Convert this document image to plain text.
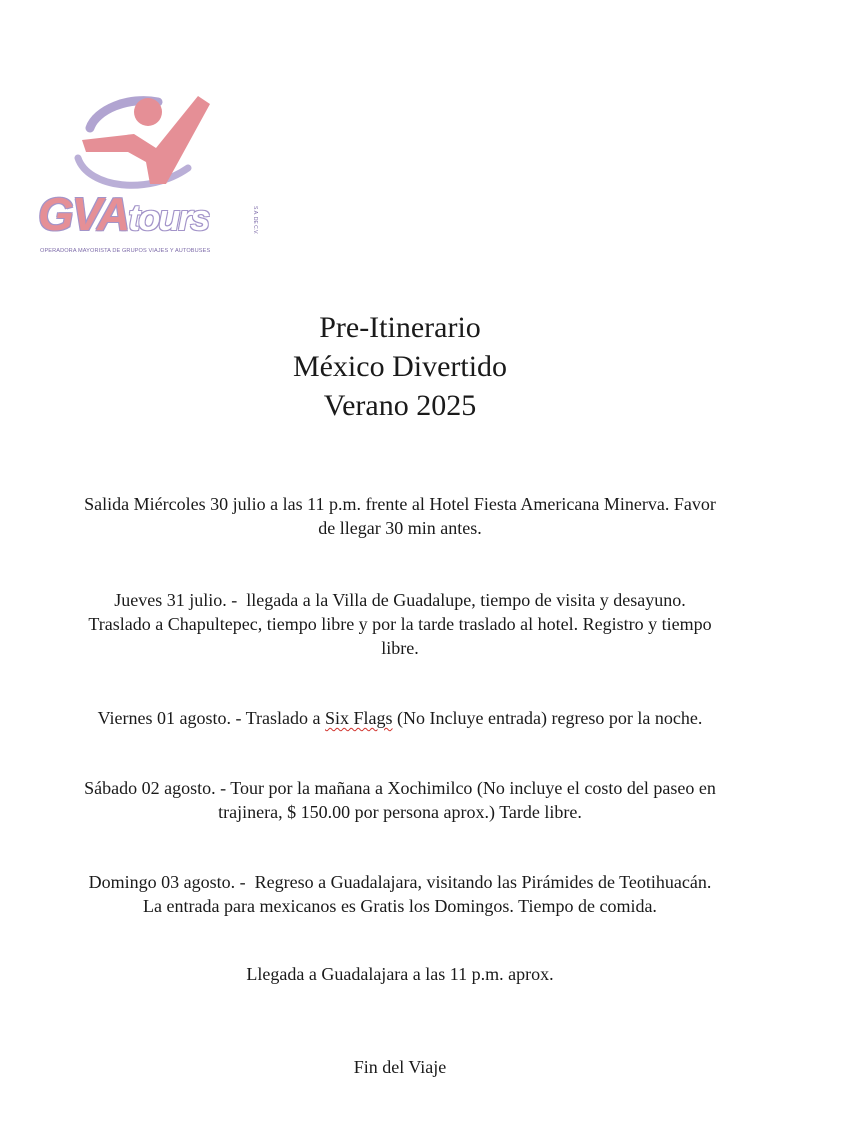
GVAtours	S.A. DE C.V.
OPERADORA MAYORISTA DE GRUPOS VIAJES Y AUTOBUSES
Pre-Itinerario
México Divertido
Verano 2025
Salida Miércoles 30 julio a las 11 p.m. frente al Hotel Fiesta Americana Minerva. Favor
de llegar 30 min antes.
Jueves 31 julio. -  llegada a la Villa de Guadalupe, tiempo de visita y desayuno.
Traslado a Chapultepec, tiempo libre y por la tarde traslado al hotel. Registro y tiempo
libre.
Viernes 01 agosto. - Traslado a Six Flags (No Incluye entrada) regreso por la noche.
Sábado 02 agosto. - Tour por la mañana a Xochimilco (No incluye el costo del paseo en
trajinera, $ 150.00 por persona aprox.) Tarde libre.
Domingo 03 agosto. -  Regreso a Guadalajara, visitando las Pirámides de Teotihuacán.
La entrada para mexicanos es Gratis los Domingos. Tiempo de comida.
Llegada a Guadalajara a las 11 p.m. aprox.
Fin del Viaje
